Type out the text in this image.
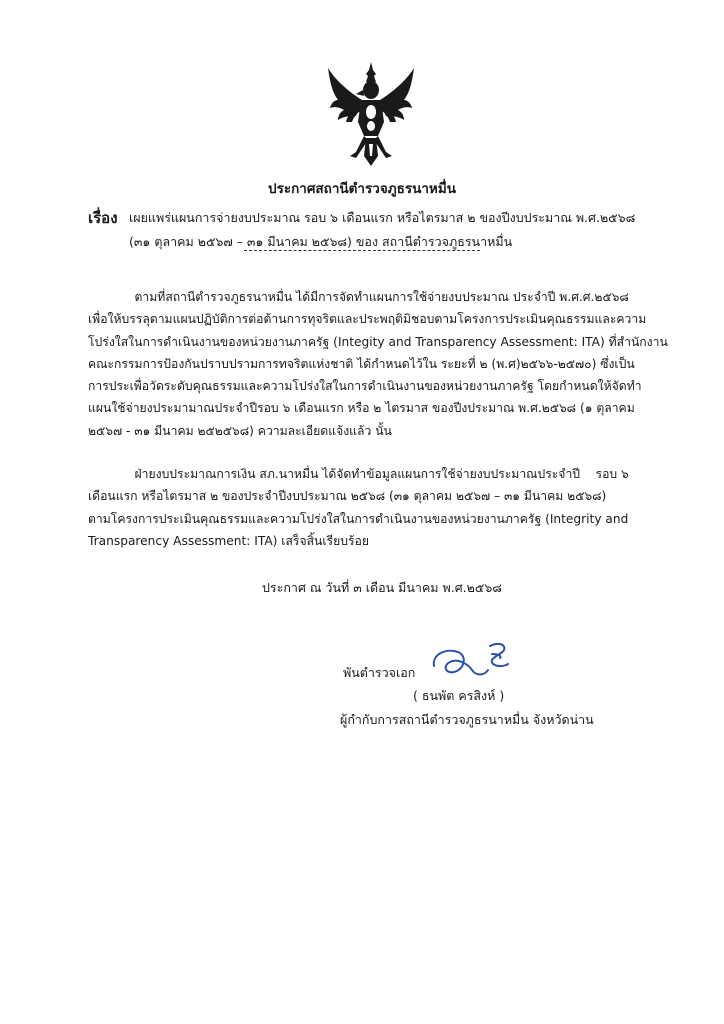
ประกาศสถานีตำรวจภูธรนาหมื่น
เรื่อง เผยแพร่แผนการจ่ายงบประมาณ รอบ ๖ เดือนแรก หรือไตรมาส ๒ ของปีงบประมาณ พ.ศ.๒๕๖๘
(๓๑ ตุลาคม ๒๕๖๗ – ๓๑ มีนาคม ๒๕๖๘) ของ สถานีตำรวจภูธรนาหมื่น
ตามที่สถานีตำรวจภูธรนาหมื่น ได้มีการจัดทำแผนการใช้จ่ายงบประมาณ ประจำปี พ.ศ.ศ.๒๕๖๘
เพื่อให้บรรลุตามแผนปฏิบัติการต่อต้านการทุจริตและประพฤติมิชอบตามโครงการประเมินคุณธรรมและความ
โปร่งใสในการดำเนินงานของหน่วยงานภาครัฐ (Integity and Transparency Assessment: ITA) ที่สำนักงาน
คณะกรรมการป้องกันปราบปรามการทจริตแห่งชาติ ได้กำหนดไว้ใน ระยะที่ ๒ (พ.ศ)๒๕๖๖-๒๕๗๐) ซึ่งเป็น
การประเพื่อวัดระดับคุณธรรมและความโปร่งใสในการดำเนินงานของหน่วยงานภาครัฐ โดยกำหนดให้จัดทำ
แผนใช้จ่ายงประมามาณประจำปีรอบ ๖ เดือนแรก หรือ ๒ ไตรมาส ของปีงประมาณ พ.ศ.๒๕๖๘ (๑ ตุลาคม
๒๕๖๗ - ๓๑ มีนาคม ๒๕๒๕๖๘) ความละเอียดแจ้งแล้ว นั้น
ฝ่ายงบประมาณการเงิน สภ.นาหมื่น ได้จัดทำข้อมูลแผนการใช้จ่ายงบประมาณประจำปี    รอบ ๖
เดือนแรก หรือไตรมาส ๒ ของประจำปีงบประมาณ ๒๕๖๘ (๓๑ ตุลาคม ๒๕๖๗ – ๓๑ มีนาคม ๒๕๖๘)
ตามโครงการประเมินคุณธรรมและความโปร่งใสในการดำเนินงานของหน่วยงานภาครัฐ (Integrity and
Transparency Assessment: ITA) เสร็จสิ้นเรียบร้อย
ประกาศ ณ วันที่ ๓ เดือน มีนาคม พ.ศ.๒๕๖๘
พันตำรวจเอก
( ธนพัต ครสิงห์ )
ผู้กำกับการสถานีตำรวจภูธรนาหมื่น จังหวัดน่าน
